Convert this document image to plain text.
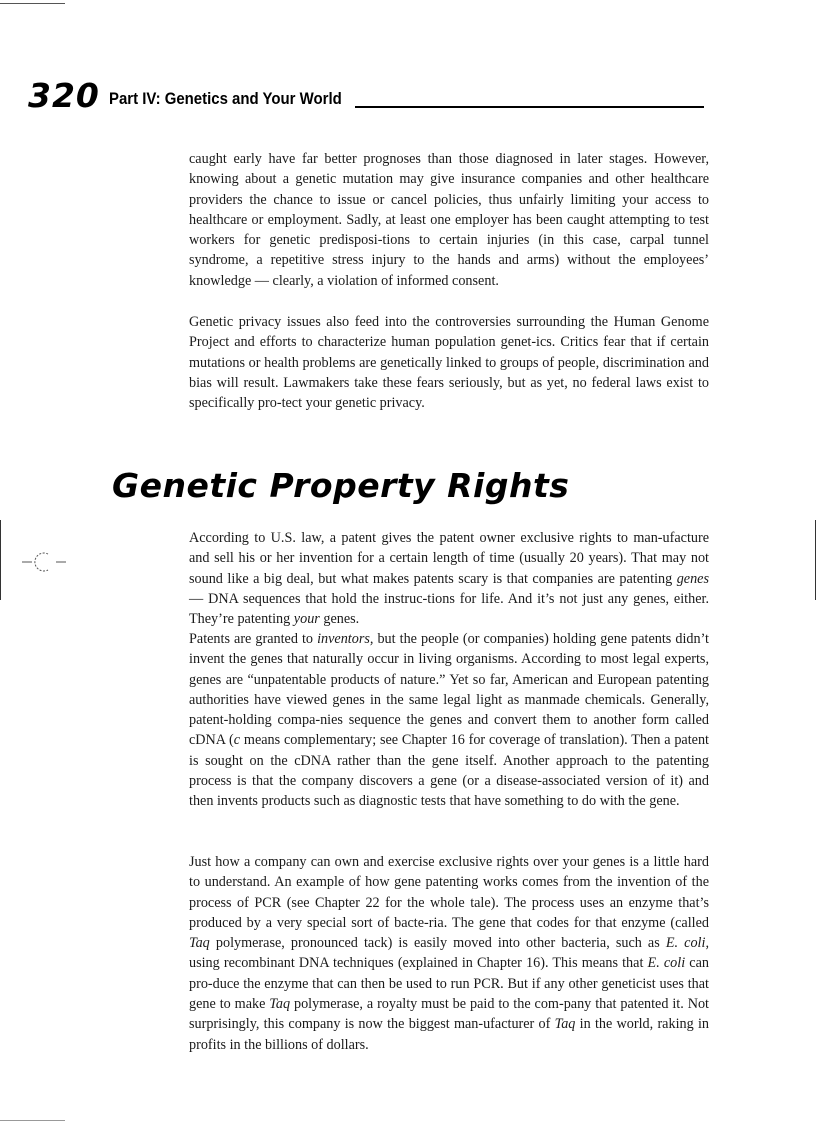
320 Part IV: Genetics and Your World

caught early have far better prognoses than those diagnosed in later stages. However, knowing about a genetic mutation may give insurance companies and other healthcare providers the chance to issue or cancel policies, thus unfairly limiting your access to healthcare or employment. Sadly, at least one employer has been caught attempting to test workers for genetic predisposi-tions to certain injuries (in this case, carpal tunnel syndrome, a repetitive stress injury to the hands and arms) without the employees’ knowledge — clearly, a violation of informed consent.

Genetic privacy issues also feed into the controversies surrounding the Human Genome Project and efforts to characterize human population genet-ics. Critics fear that if certain mutations or health problems are genetically linked to groups of people, discrimination and bias will result. Lawmakers take these fears seriously, but as yet, no federal laws exist to specifically pro-tect your genetic privacy.

Genetic Property Rights

According to U.S. law, a patent gives the patent owner exclusive rights to man-ufacture and sell his or her invention for a certain length of time (usually 20 years). That may not sound like a big deal, but what makes patents scary is that companies are patenting genes — DNA sequences that hold the instruc-tions for life. And it’s not just any genes, either. They’re patenting your genes.

Patents are granted to inventors, but the people (or companies) holding gene patents didn’t invent the genes that naturally occur in living organisms. According to most legal experts, genes are “unpatentable products of nature.” Yet so far, American and European patenting authorities have viewed genes in the same legal light as manmade chemicals. Generally, patent-holding compa-nies sequence the genes and convert them to another form called cDNA (c means complementary; see Chapter 16 for coverage of translation). Then a patent is sought on the cDNA rather than the gene itself. Another approach to the patenting process is that the company discovers a gene (or a disease-associated version of it) and then invents products such as diagnostic tests that have something to do with the gene.

Just how a company can own and exercise exclusive rights over your genes is a little hard to understand. An example of how gene patenting works comes from the invention of the process of PCR (see Chapter 22 for the whole tale). The process uses an enzyme that’s produced by a very special sort of bacte-ria. The gene that codes for that enzyme (called Taq polymerase, pronounced tack) is easily moved into other bacteria, such as E. coli, using recombinant DNA techniques (explained in Chapter 16). This means that E. coli can pro-duce the enzyme that can then be used to run PCR. But if any other geneticist uses that gene to make Taq polymerase, a royalty must be paid to the com-pany that patented it. Not surprisingly, this company is now the biggest man-ufacturer of Taq in the world, raking in profits in the billions of dollars.
